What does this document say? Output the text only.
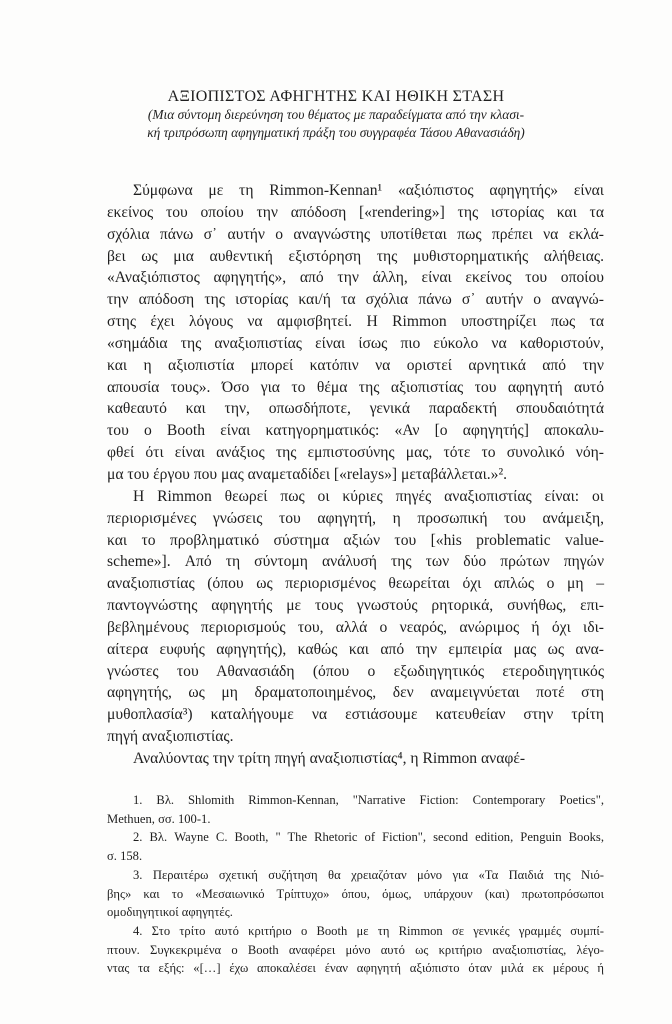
ΑΞΙΟΠΙΣΤΟΣ ΑΦΗΓΗΤΗΣ ΚΑΙ ΗΘΙΚΗ ΣΤΑΣΗ
(Μια σύντομη διερεύνηση του θέματος με παραδείγματα από την κλασι-
κή τριπρόσωπη αφηγηματική πράξη του συγγραφέα Τάσου Αθανασιάδη)
Σύμφωνα με τη Rimmon-Kennan¹ «αξιόπιστος αφηγητής» είναι
εκείνος του οποίου την απόδοση [«rendering»] της ιστορίας και τα
σχόλια πάνω σ᾽ αυτήν ο αναγνώστης υποτίθεται πως πρέπει να εκλά-
βει ως μια αυθεντική εξιστόρηση της μυθιστορηματικής αλήθειας.
«Αναξιόπιστος αφηγητής», από την άλλη, είναι εκείνος του οποίου
την απόδοση της ιστορίας και/ή τα σχόλια πάνω σ᾽ αυτήν ο αναγνώ-
στης έχει λόγους να αμφισβητεί. Η Rimmon υποστηρίζει πως τα
«σημάδια της αναξιοπιστίας είναι ίσως πιο εύκολο να καθοριστούν,
και η αξιοπιστία μπορεί κατόπιν να οριστεί αρνητικά από την
απουσία τους». Όσο για το θέμα της αξιοπιστίας του αφηγητή αυτό
καθεαυτό και την, οπωσδήποτε, γενικά παραδεκτή σπουδαιότητά
του ο Booth είναι κατηγορηματικός: «Αν [ο αφηγητής] αποκαλυ-
φθεί ότι είναι ανάξιος της εμπιστοσύνης μας, τότε το συνολικό νόη-
μα του έργου που μας αναμεταδίδει [«relays»] μεταβάλλεται.»².
Η Rimmon θεωρεί πως οι κύριες πηγές αναξιοπιστίας είναι: οι
περιορισμένες γνώσεις του αφηγητή, η προσωπική του ανάμειξη,
και το προβληματικό σύστημα αξιών του [«his problematic value-
scheme»]. Από τη σύντομη ανάλυσή της των δύο πρώτων πηγών
αναξιοπιστίας (όπου ως περιορισμένος θεωρείται όχι απλώς ο μη –
παντογνώστης αφηγητής με τους γνωστούς ρητορικά, συνήθως, επι-
βεβλημένους περιορισμούς του, αλλά ο νεαρός, ανώριμος ή όχι ιδι-
αίτερα ευφυής αφηγητής), καθώς και από την εμπειρία μας ως ανα-
γνώστες του Αθανασιάδη (όπου ο εξωδιηγητικός ετεροδιηγητικός
αφηγητής, ως μη δραματοποιημένος, δεν αναμειγνύεται ποτέ στη
μυθοπλασία³) καταλήγουμε να εστιάσουμε κατευθείαν στην τρίτη
πηγή αναξιοπιστίας.
Αναλύοντας την τρίτη πηγή αναξιοπιστίας⁴, η Rimmon αναφέ-
1. Βλ. Shlomith Rimmon-Kennan, "Narrative Fiction: Contemporary Poetics",
Methuen, σσ. 100-1.
2. Βλ. Wayne C. Booth, " The Rhetoric of Fiction", second edition, Penguin Books,
σ. 158.
3. Περαιτέρω σχετική συζήτηση θα χρειαζόταν μόνο για «Τα Παιδιά της Νιό-
βης» και το «Μεσαιωνικό Τρίπτυχο» όπου, όμως, υπάρχουν (και) πρωτοπρόσωποι
ομοδιηγητικοί αφηγητές.
4. Στο τρίτο αυτό κριτήριο ο Booth με τη Rimmon σε γενικές γραμμές συμπί-
πτουν. Συγκεκριμένα ο Booth αναφέρει μόνο αυτό ως κριτήριο αναξιοπιστίας, λέγο-
ντας τα εξής: «[…] έχω αποκαλέσει έναν αφηγητή αξιόπιστο όταν μιλά εκ μέρους ή
